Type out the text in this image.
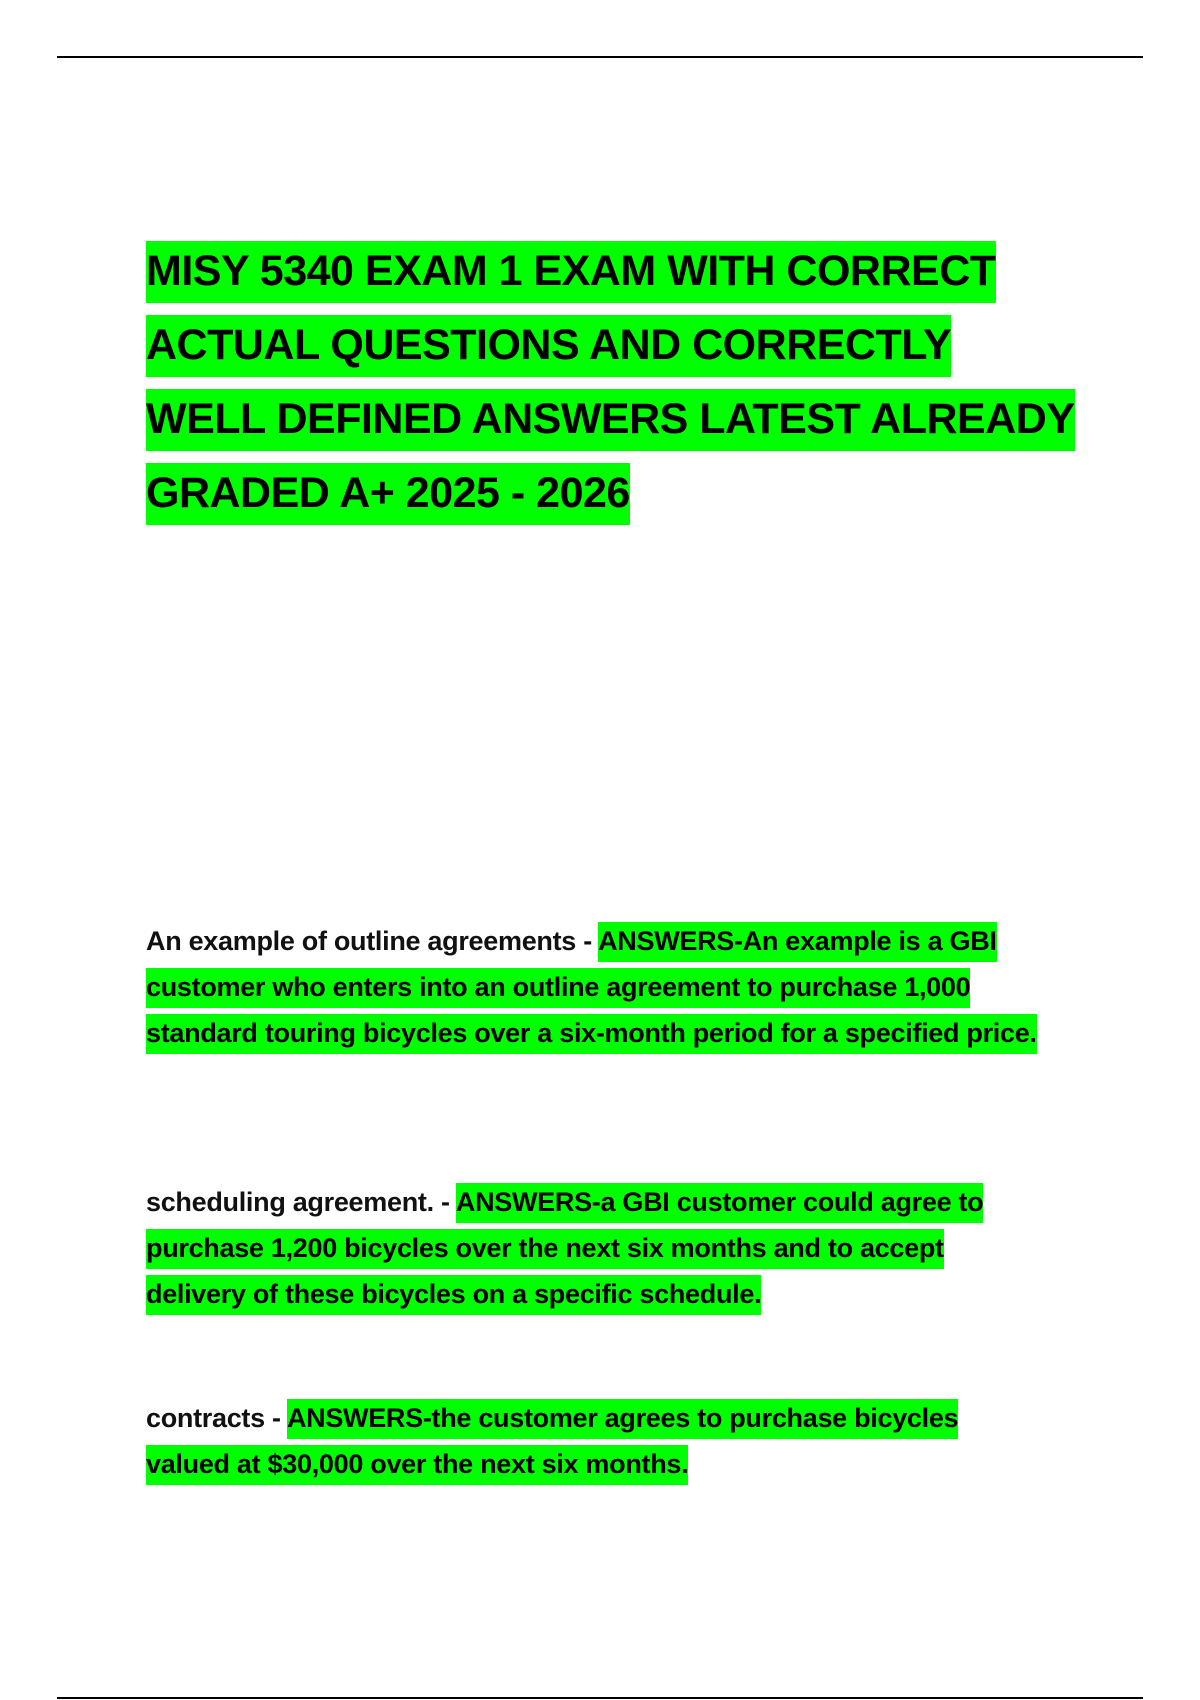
MISY 5340 EXAM 1 EXAM WITH CORRECT ACTUAL QUESTIONS AND CORRECTLY WELL DEFINED ANSWERS LATEST ALREADY GRADED A+ 2025 - 2026

An example of outline agreements - ANSWERS-An example is a GBI customer who enters into an outline agreement to purchase 1,000 standard touring bicycles over a six-month period for a specified price.

scheduling agreement. - ANSWERS-a GBI customer could agree to purchase 1,200 bicycles over the next six months and to accept delivery of these bicycles on a specific schedule.

contracts - ANSWERS-the customer agrees to purchase bicycles valued at $30,000 over the next six months.
